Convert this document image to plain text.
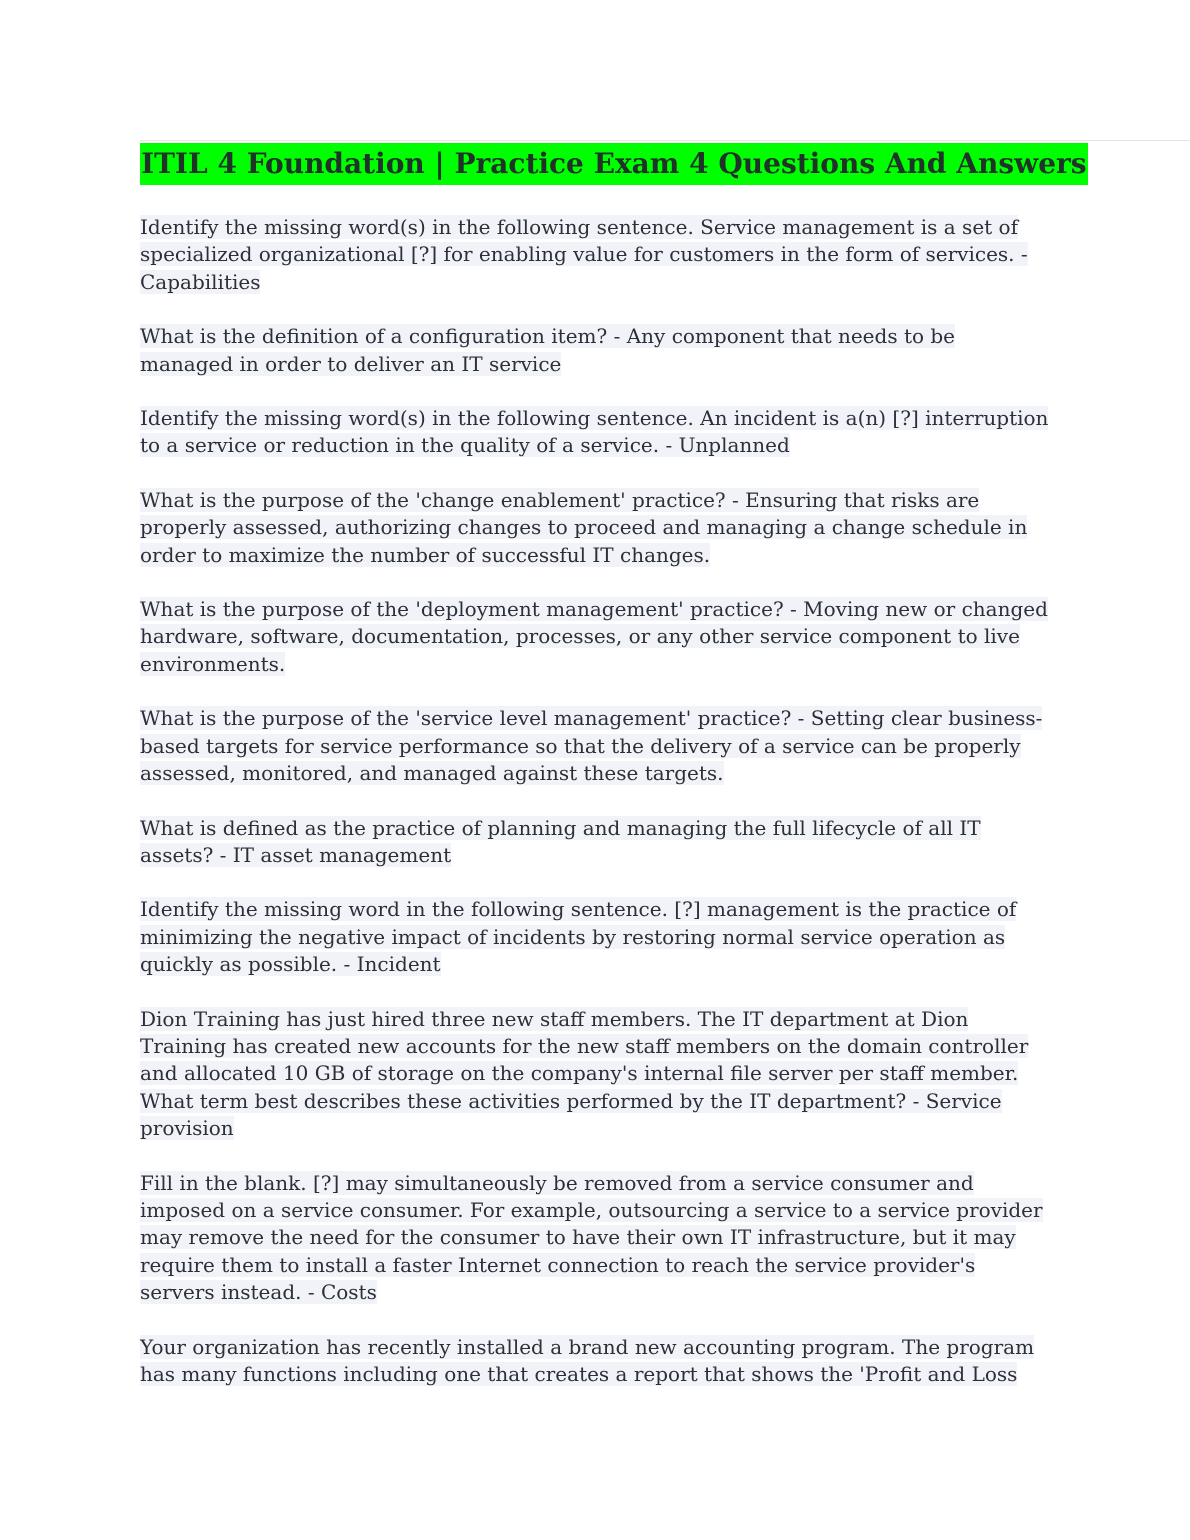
ITIL 4 Foundation | Practice Exam 4 Questions And Answers

Identify the missing word(s) in the following sentence. Service management is a set of specialized organizational [?] for enabling value for customers in the form of services. - Capabilities

What is the definition of a configuration item? - Any component that needs to be managed in order to deliver an IT service

Identify the missing word(s) in the following sentence. An incident is a(n) [?] interruption to a service or reduction in the quality of a service. - Unplanned

What is the purpose of the 'change enablement' practice? - Ensuring that risks are properly assessed, authorizing changes to proceed and managing a change schedule in order to maximize the number of successful IT changes.

What is the purpose of the 'deployment management' practice? - Moving new or changed hardware, software, documentation, processes, or any other service component to live environments.

What is the purpose of the 'service level management' practice? - Setting clear business-based targets for service performance so that the delivery of a service can be properly assessed, monitored, and managed against these targets.

What is defined as the practice of planning and managing the full lifecycle of all IT assets? - IT asset management

Identify the missing word in the following sentence. [?] management is the practice of minimizing the negative impact of incidents by restoring normal service operation as quickly as possible. - Incident

Dion Training has just hired three new staff members. The IT department at Dion Training has created new accounts for the new staff members on the domain controller and allocated 10 GB of storage on the company's internal file server per staff member. What term best describes these activities performed by the IT department? - Service provision

Fill in the blank. [?] may simultaneously be removed from a service consumer and imposed on a service consumer. For example, outsourcing a service to a service provider may remove the need for the consumer to have their own IT infrastructure, but it may require them to install a faster Internet connection to reach the service provider's servers instead. - Costs

Your organization has recently installed a brand new accounting program. The program has many functions including one that creates a report that shows the 'Profit and Loss
